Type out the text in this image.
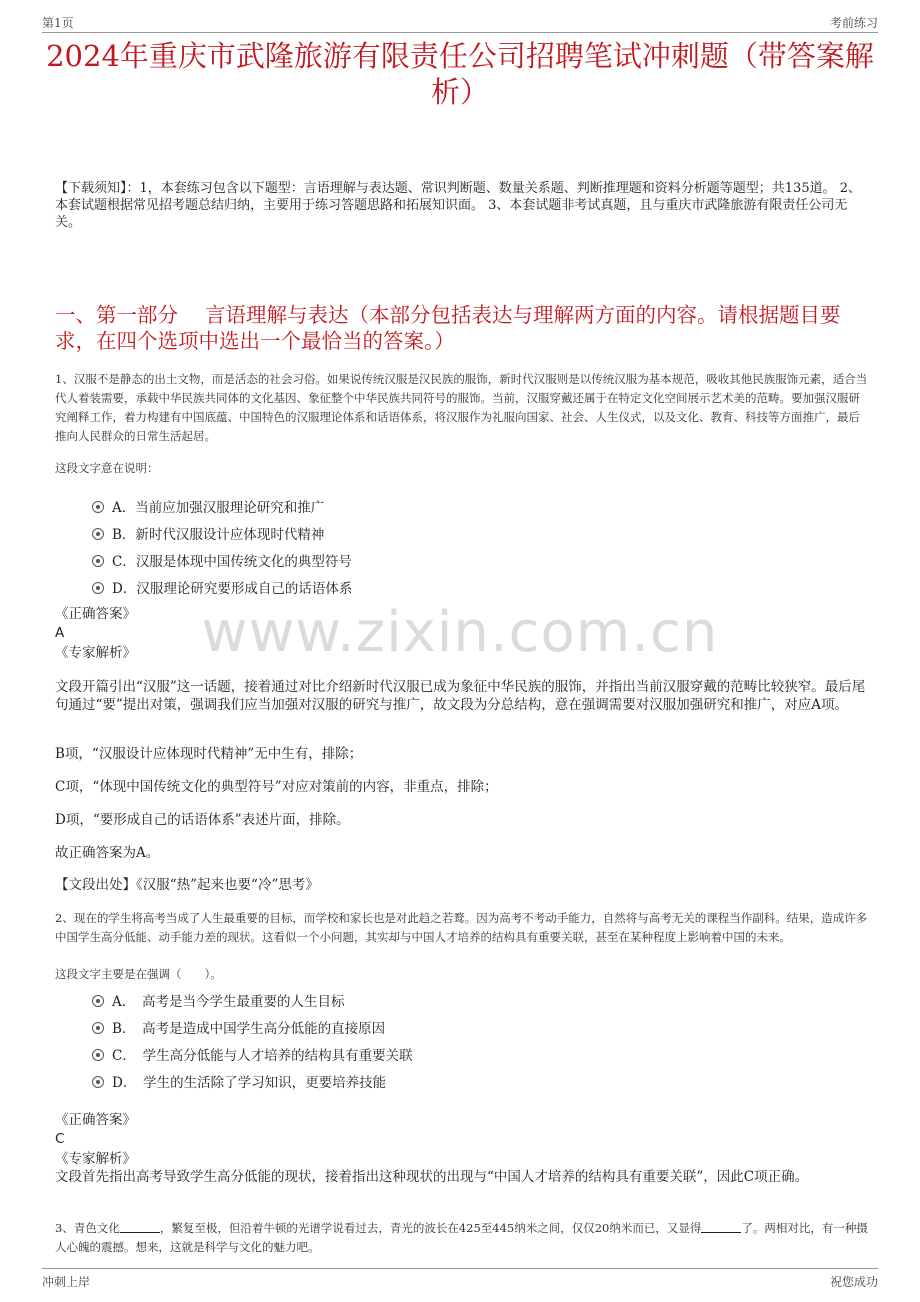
第1页	考前练习
2024年重庆市武隆旅游有限责任公司招聘笔试冲刺题（带答案解析）
【下载须知】：1，本套练习包含以下题型：言语理解与表达题、常识判断题、数量关系题、判断推理题和资料分析题等题型；共135道。 2、本套试题根据常见招考题总结归纳，主要用于练习答题思路和拓展知识面。 3、本套试题非考试真题，且与重庆市武隆旅游有限责任公司无关。
一、第一部分　 言语理解与表达（本部分包括表达与理解两方面的内容。请根据题目要求，在四个选项中选出一个最恰当的答案。）
www.zixin.com.cn
1、汉服不是静态的出土文物，而是活态的社会习俗。如果说传统汉服是汉民族的服饰，新时代汉服则是以传统汉服为基本规范，吸收其他民族服饰元素，适合当代人着装需要，承载中华民族共同体的文化基因、象征整个中华民族共同符号的服饰。当前，汉服穿戴还属于在特定文化空间展示艺术美的范畴。要加强汉服研究阐释工作，着力构建有中国底蕴、中国特色的汉服理论体系和话语体系，将汉服作为礼服向国家、社会、人生仪式，以及文化、教育、科技等方面推广，最后推向人民群众的日常生活起居。
这段文字意在说明：
A．当前应加强汉服理论研究和推广
B．新时代汉服设计应体现时代精神
C．汉服是体现中国传统文化的典型符号
D．汉服理论研究要形成自己的话语体系
《正确答案》
A
《专家解析》
文段开篇引出“汉服”这一话题，接着通过对比介绍新时代汉服已成为象征中华民族的服饰，并指出当前汉服穿戴的范畴比较狭窄。最后尾句通过“要”提出对策，强调我们应当加强对汉服的研究与推广，故文段为分总结构，意在强调需要对汉服加强研究和推广，对应A项。
B项，“汉服设计应体现时代精神”无中生有，排除；
C项，“体现中国传统文化的典型符号”对应对策前的内容，非重点，排除；
D项，“要形成自己的话语体系”表述片面，排除。
故正确答案为A。
【文段出处】《汉服“热”起来也要“冷”思考》
2、现在的学生将高考当成了人生最重要的目标，而学校和家长也是对此趋之若鹜。因为高考不考动手能力，自然将与高考无关的课程当作副科。结果，造成许多中国学生高分低能、动手能力差的现状。这看似一个小问题，其实却与中国人才培养的结构具有重要关联，甚至在某种程度上影响着中国的未来。
这段文字主要是在强调（　　）。
A．　高考是当今学生最重要的人生目标
B．　高考是造成中国学生高分低能的直接原因
C．　学生高分低能与人才培养的结构具有重要关联
D．　学生的生活除了学习知识，更要培养技能
《正确答案》
C
《专家解析》
文段首先指出高考导致学生高分低能的现状，接着指出这种现状的出现与“中国人才培养的结构具有重要关联”，因此C项正确。
3、青色文化	，繁复至极，但沿着牛顿的光谱学说看过去，青光的波长在425至445纳米之间，仅仅20纳米而已，又显得	了。两相对比，有一种摄人心魄的震撼。想来，这就是科学与文化的魅力吧。
冲刺上岸	祝您成功
